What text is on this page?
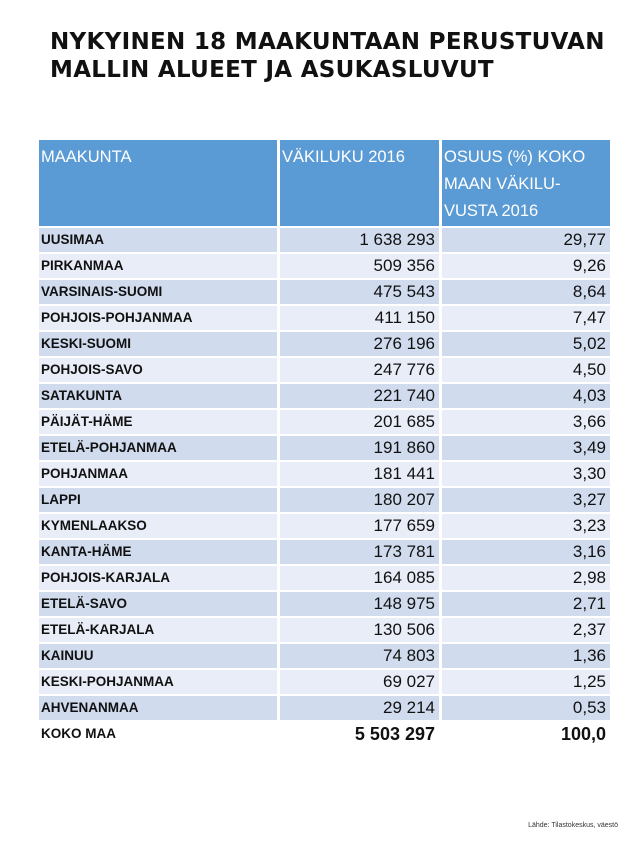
NYKYINEN 18 MAAKUNTAAN PERUSTUVAN MALLIN ALUEET JA ASUKASLUVUT
MAAKUNTA	VÄKILUKU 2016	OSUUS (%) KOKO MAAN VÄKILU-VUSTA 2016
UUSIMAA	1 638 293	29,77
PIRKANMAA	509 356	9,26
VARSINAIS-SUOMI	475 543	8,64
POHJOIS-POHJANMAA	411 150	7,47
KESKI-SUOMI	276 196	5,02
POHJOIS-SAVO	247 776	4,50
SATAKUNTA	221 740	4,03
PÄIJÄT-HÄME	201 685	3,66
ETELÄ-POHJANMAA	191 860	3,49
POHJANMAA	181 441	3,30
LAPPI	180 207	3,27
KYMENLAAKSO	177 659	3,23
KANTA-HÄME	173 781	3,16
POHJOIS-KARJALA	164 085	2,98
ETELÄ-SAVO	148 975	2,71
ETELÄ-KARJALA	130 506	2,37
KAINUU	74 803	1,36
KESKI-POHJANMAA	69 027	1,25
AHVENANMAA	29 214	0,53
KOKO MAA	5 503 297	100,0
Lähde: Tilastokeskus, väestö
